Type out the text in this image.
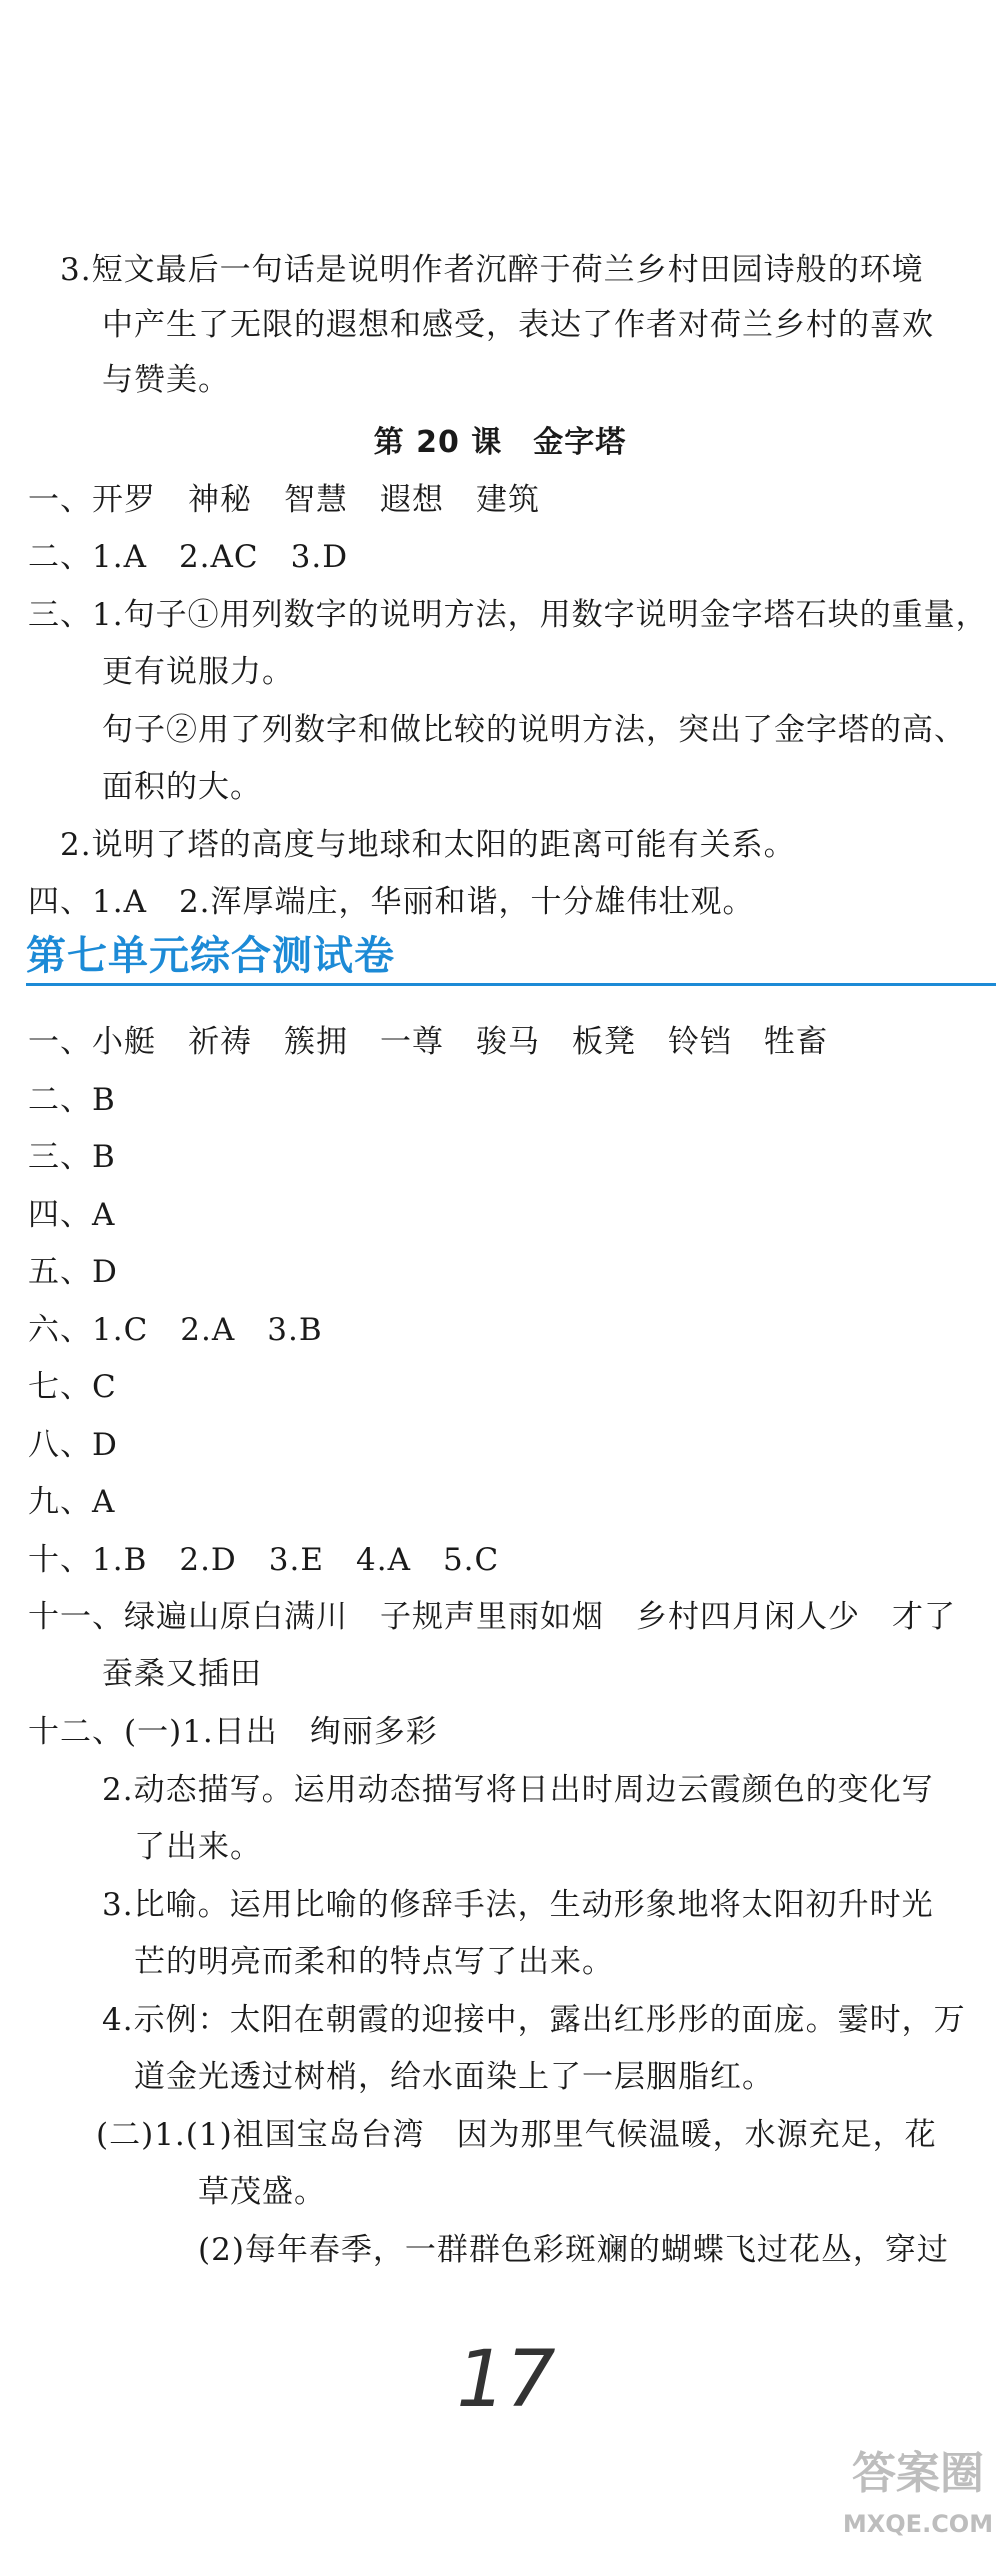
3.短文最后一句话是说明作者沉醉于荷兰乡村田园诗般的环境
中产生了无限的遐想和感受，表达了作者对荷兰乡村的喜欢
与赞美。
第 20 课　金字塔
一、开罗　神秘　智慧　遐想　建筑
二、1.A　2.AC　3.D
三、1.句子①用列数字的说明方法，用数字说明金字塔石块的重量，
更有说服力。
句子②用了列数字和做比较的说明方法，突出了金字塔的高、
面积的大。
2.说明了塔的高度与地球和太阳的距离可能有关系。
四、1.A　2.浑厚端庄，华丽和谐，十分雄伟壮观。
第七单元综合测试卷
一、小艇　祈祷　簇拥　一尊　骏马　板凳　铃铛　牲畜
二、B
三、B
四、A
五、D
六、1.C　2.A　3.B
七、C
八、D
九、A
十、1.B　2.D　3.E　4.A　5.C
十一、绿遍山原白满川　子规声里雨如烟　乡村四月闲人少　才了
蚕桑又插田
十二、(一)1.日出　绚丽多彩
2.动态描写。运用动态描写将日出时周边云霞颜色的变化写
了出来。
3.比喻。运用比喻的修辞手法，生动形象地将太阳初升时光
芒的明亮而柔和的特点写了出来。
4.示例：太阳在朝霞的迎接中，露出红彤彤的面庞。霎时，万
道金光透过树梢，给水面染上了一层胭脂红。
(二)1.(1)祖国宝岛台湾　因为那里气候温暖，水源充足，花
草茂盛。
(2)每年春季，一群群色彩斑斓的蝴蝶飞过花丛，穿过
17
答案圈
MXQE.COM
